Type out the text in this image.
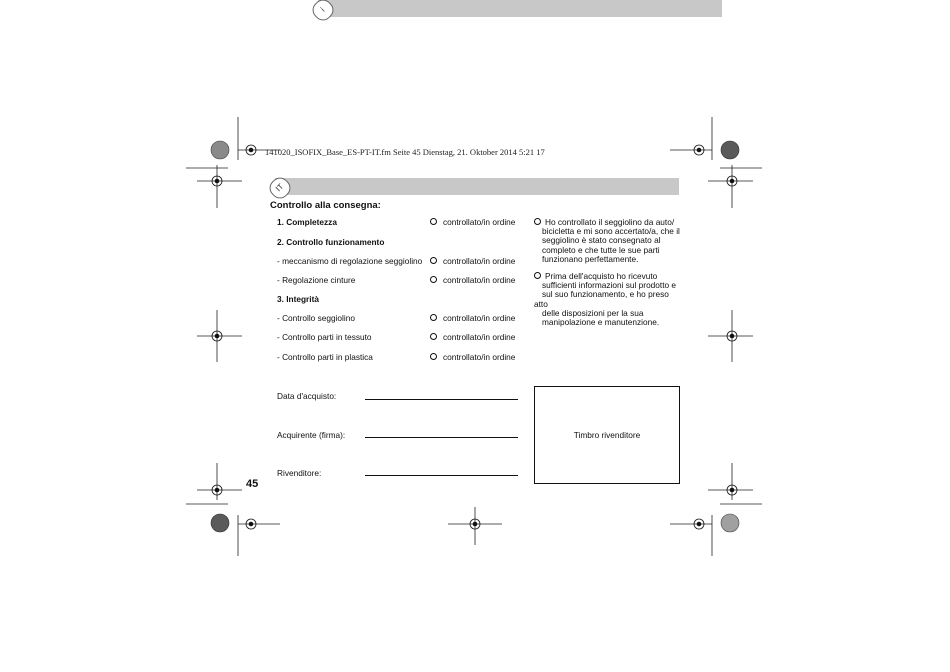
i
141020_ISOFIX_Base_ES-PT-IT.fm Seite 45 Dienstag, 21. Oktober 2014 5:21 17
IT
Controllo alla consegna:
1. Completezza	controllato/in ordine
2. Controllo funzionamento
- meccanismo di regolazione seggiolino	controllato/in ordine
- Regolazione cinture	controllato/in ordine
3. Integrità
- Controllo seggiolino	controllato/in ordine
- Controllo parti in tessuto	controllato/in ordine
- Controllo parti in plastica	controllato/in ordine
Ho controllato il seggiolino da auto/
bicicletta e mi sono accertato/a, che il
seggiolino è stato consegnato al
completo e che tutte le sue parti
funzionano perfettamente.
Prima dell'acquisto ho ricevuto
sufficienti informazioni sul prodotto e
sul suo funzionamento, e ho preso atto
delle disposizioni per la sua
manipolazione e manutenzione.
Data d'acquisto:
Acquirente (firma):
Rivenditore:
Timbro rivenditore
45
